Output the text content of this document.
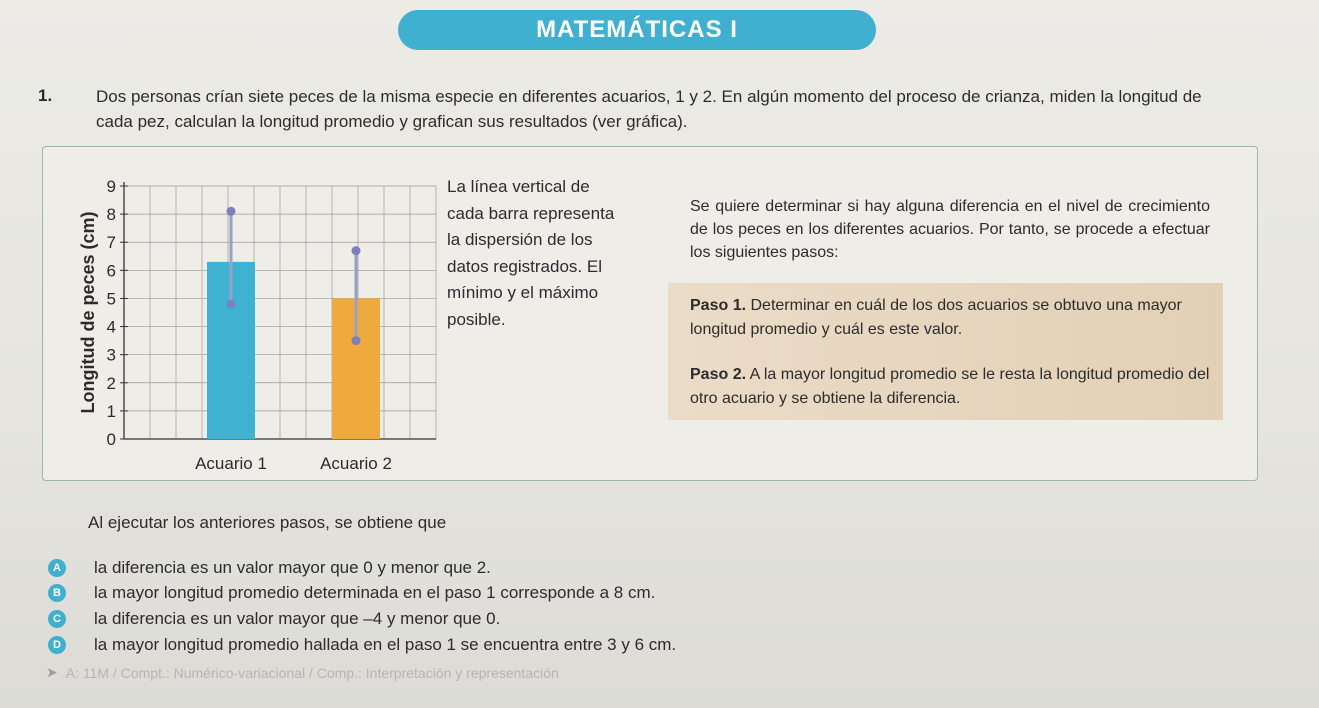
MATEMÁTICAS I
1.	Dos personas crían siete peces de la misma especie en diferentes acuarios, 1 y 2. En algún momento del proceso de crianza, miden la longitud de cada pez, calculan la longitud promedio y grafican sus resultados (ver gráfica).
0
1
2
3
4
5
6
7
8
9
Longitud de peces (cm)
Acuario 1	Acuario 2
La línea vertical de cada barra representa la dispersión de los datos registrados. El mínimo y el máximo posible.
Se quiere determinar si hay alguna diferencia en el nivel de crecimiento de los peces en los diferentes acuarios. Por tanto, se procede a efectuar los siguientes pasos:
Paso 1. Determinar en cuál de los dos acuarios se obtuvo una mayor longitud promedio y cuál es este valor.
Paso 2. A la mayor longitud promedio se le resta la longitud promedio del otro acuario y se obtiene la diferencia.
Al ejecutar los anteriores pasos, se obtiene que
A la diferencia es un valor mayor que 0 y menor que 2.
B la mayor longitud promedio determinada en el paso 1 corresponde a 8 cm.
C la diferencia es un valor mayor que –4 y menor que 0.
D la mayor longitud promedio hallada en el paso 1 se encuentra entre 3 y 6 cm.
➤ A: 11M / Compt.: Numérico-variacional / Comp.: Interpretación y representación
